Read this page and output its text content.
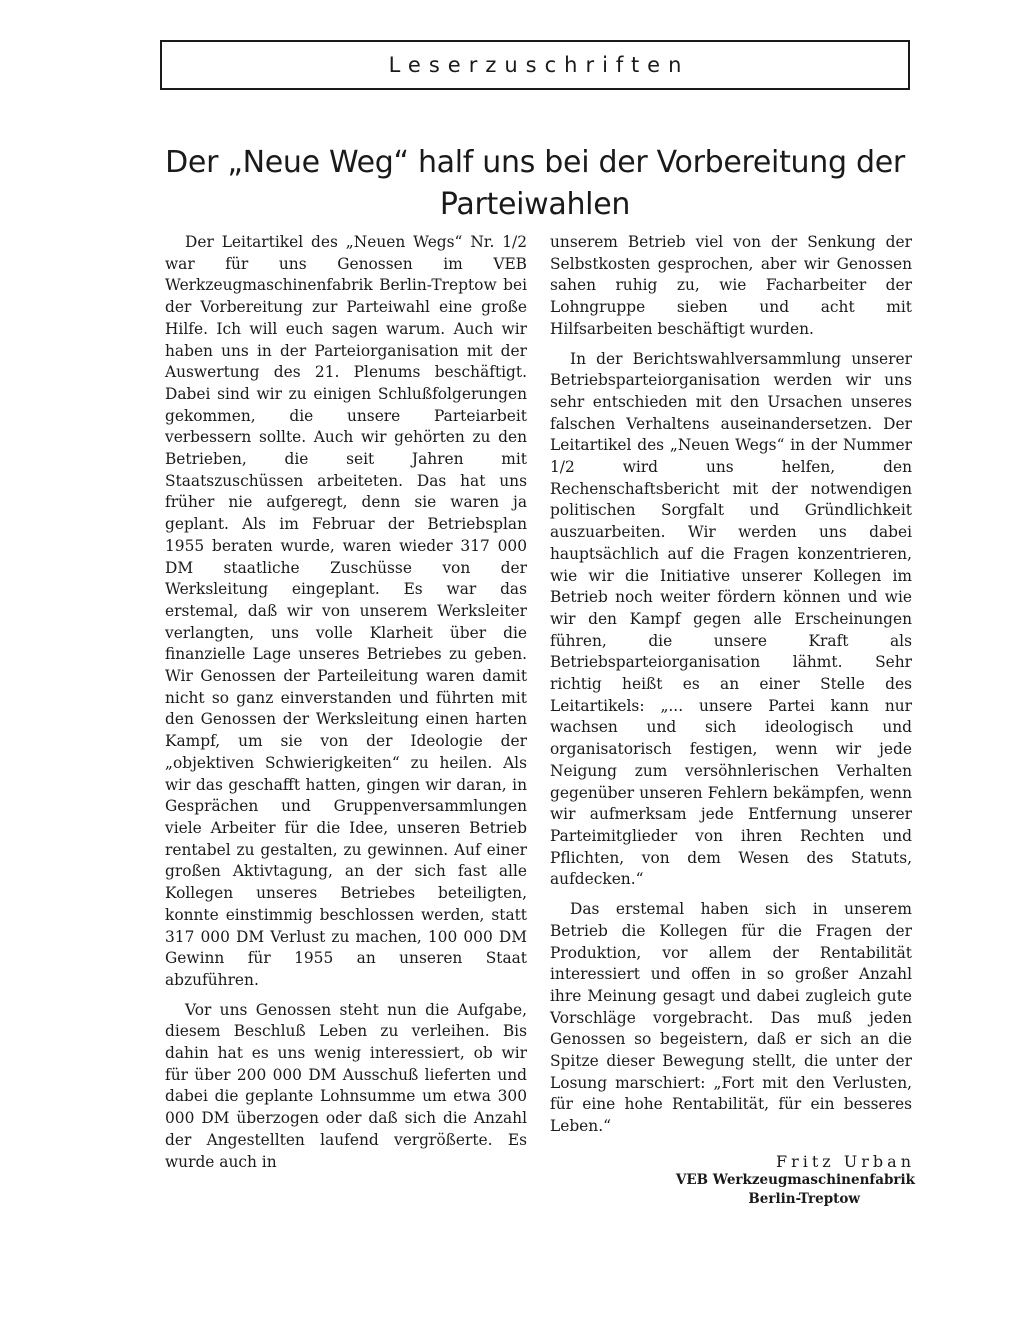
Leserzuschriften
Der „Neue Weg“ half uns bei der Vorbereitung der Parteiwahlen

Der Leitartikel des „Neuen Wegs“ Nr. 1/2 war für uns Genossen im VEB Werkzeugmaschinenfabrik Berlin-Treptow bei der Vorbereitung zur Parteiwahl eine große Hilfe. Ich will euch sagen warum. Auch wir haben uns in der Parteiorganisation mit der Auswertung des 21. Plenums beschäftigt. Dabei sind wir zu einigen Schlußfolgerungen gekommen, die unsere Parteiarbeit verbessern sollte. Auch wir gehörten zu den Betrieben, die seit Jahren mit Staatszuschüssen arbeiteten. Das hat uns früher nie aufgeregt, denn sie waren ja geplant. Als im Februar der Betriebsplan 1955 beraten wurde, waren wieder 317 000 DM staatliche Zuschüsse von der Werksleitung eingeplant. Es war das erstemal, daß wir von unserem Werksleiter verlangten, uns volle Klarheit über die finanzielle Lage unseres Betriebes zu geben. Wir Genossen der Parteileitung waren damit nicht so ganz einverstanden und führten mit den Genossen der Werksleitung einen harten Kampf, um sie von der Ideologie der „objektiven Schwierigkeiten“ zu heilen. Als wir das geschafft hatten, gingen wir daran, in Gesprächen und Gruppenversammlungen viele Arbeiter für die Idee, unseren Betrieb rentabel zu gestalten, zu gewinnen. Auf einer großen Aktivtagung, an der sich fast alle Kollegen unseres Betriebes beteiligten, konnte einstimmig beschlossen werden, statt 317 000 DM Verlust zu machen, 100 000 DM Gewinn für 1955 an unseren Staat abzuführen.

Vor uns Genossen steht nun die Aufgabe, diesem Beschluß Leben zu verleihen. Bis dahin hat es uns wenig interessiert, ob wir für über 200 000 DM Ausschuß lieferten und dabei die geplante Lohnsumme um etwa 300 000 DM überzogen oder daß sich die Anzahl der Angestellten laufend vergrößerte. Es wurde auch in

unserem Betrieb viel von der Senkung der Selbstkosten gesprochen, aber wir Genossen sahen ruhig zu, wie Facharbeiter der Lohngruppe sieben und acht mit Hilfsarbeiten beschäftigt wurden.

In der Berichtswahlversammlung unserer Betriebsparteiorganisation werden wir uns sehr entschieden mit den Ursachen unseres falschen Verhaltens auseinandersetzen. Der Leitartikel des „Neuen Wegs“ in der Nummer 1/2 wird uns helfen, den Rechenschaftsbericht mit der notwendigen politischen Sorgfalt und Gründlichkeit auszuarbeiten. Wir werden uns dabei hauptsächlich auf die Fragen konzentrieren, wie wir die Initiative unserer Kollegen im Betrieb noch weiter fördern können und wie wir den Kampf gegen alle Erscheinungen führen, die unsere Kraft als Betriebsparteiorganisation lähmt. Sehr richtig heißt es an einer Stelle des Leitartikels: „... unsere Partei kann nur wachsen und sich ideologisch und organisatorisch festigen, wenn wir jede Neigung zum versöhnlerischen Verhalten gegenüber unseren Fehlern bekämpfen, wenn wir aufmerksam jede Entfernung unserer Parteimitglieder von ihren Rechten und Pflichten, von dem Wesen des Statuts, aufdecken.“

Das erstemal haben sich in unserem Betrieb die Kollegen für die Fragen der Produktion, vor allem der Rentabilität interessiert und offen in so großer Anzahl ihre Meinung gesagt und dabei zugleich gute Vorschläge vorgebracht. Das muß jeden Genossen so begeistern, daß er sich an die Spitze dieser Bewegung stellt, die unter der Losung marschiert: „Fort mit den Verlusten, für eine hohe Rentabilität, für ein besseres Leben.“

Fritz Urban
VEB Werkzeugmaschinenfabrik
Berlin-Treptow
